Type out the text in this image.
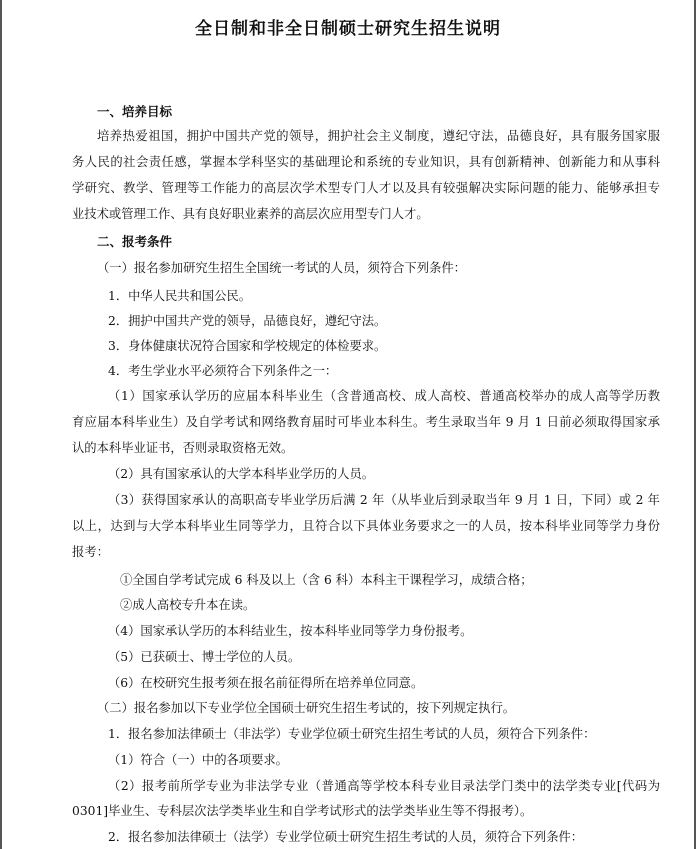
全日制和非全日制硕士研究生招生说明
一、培养目标
培养热爱祖国，拥护中国共产党的领导，拥护社会主义制度，遵纪守法，品德良好，具有服务国家服
务人民的社会责任感，掌握本学科坚实的基础理论和系统的专业知识，具有创新精神、创新能力和从事科
学研究、教学、管理等工作能力的高层次学术型专门人才以及具有较强解决实际问题的能力、能够承担专
业技术或管理工作、具有良好职业素养的高层次应用型专门人才。
二、报考条件
（一）报名参加研究生招生全国统一考试的人员，须符合下列条件：
1．中华人民共和国公民。
2．拥护中国共产党的领导，品德良好，遵纪守法。
3．身体健康状况符合国家和学校规定的体检要求。
4．考生学业水平必须符合下列条件之一：
（1）国家承认学历的应届本科毕业生（含普通高校、成人高校、普通高校举办的成人高等学历教
育应届本科毕业生）及自学考试和网络教育届时可毕业本科生。考生录取当年 9 月 1 日前必须取得国家承
认的本科毕业证书，否则录取资格无效。
（2）具有国家承认的大学本科毕业学历的人员。
（3）获得国家承认的高职高专毕业学历后满 2 年（从毕业后到录取当年 9 月 1 日，下同）或 2 年
以上，达到与大学本科毕业生同等学力，且符合以下具体业务要求之一的人员，按本科毕业同等学力身份
报考：
①全国自学考试完成 6 科及以上（含 6 科）本科主干课程学习，成绩合格；
②成人高校专升本在读。
（4）国家承认学历的本科结业生，按本科毕业同等学力身份报考。
（5）已获硕士、博士学位的人员。
（6）在校研究生报考须在报名前征得所在培养单位同意。
（二）报名参加以下专业学位全国硕士研究生招生考试的，按下列规定执行。
1．报名参加法律硕士（非法学）专业学位硕士研究生招生考试的人员，须符合下列条件：
（1）符合（一）中的各项要求。
（2）报考前所学专业为非法学专业（普通高等学校本科专业目录法学门类中的法学类专业[代码为
0301]毕业生、专科层次法学类毕业生和自学考试形式的法学类毕业生等不得报考）。
2．报名参加法律硕士（法学）专业学位硕士研究生招生考试的人员，须符合下列条件：
